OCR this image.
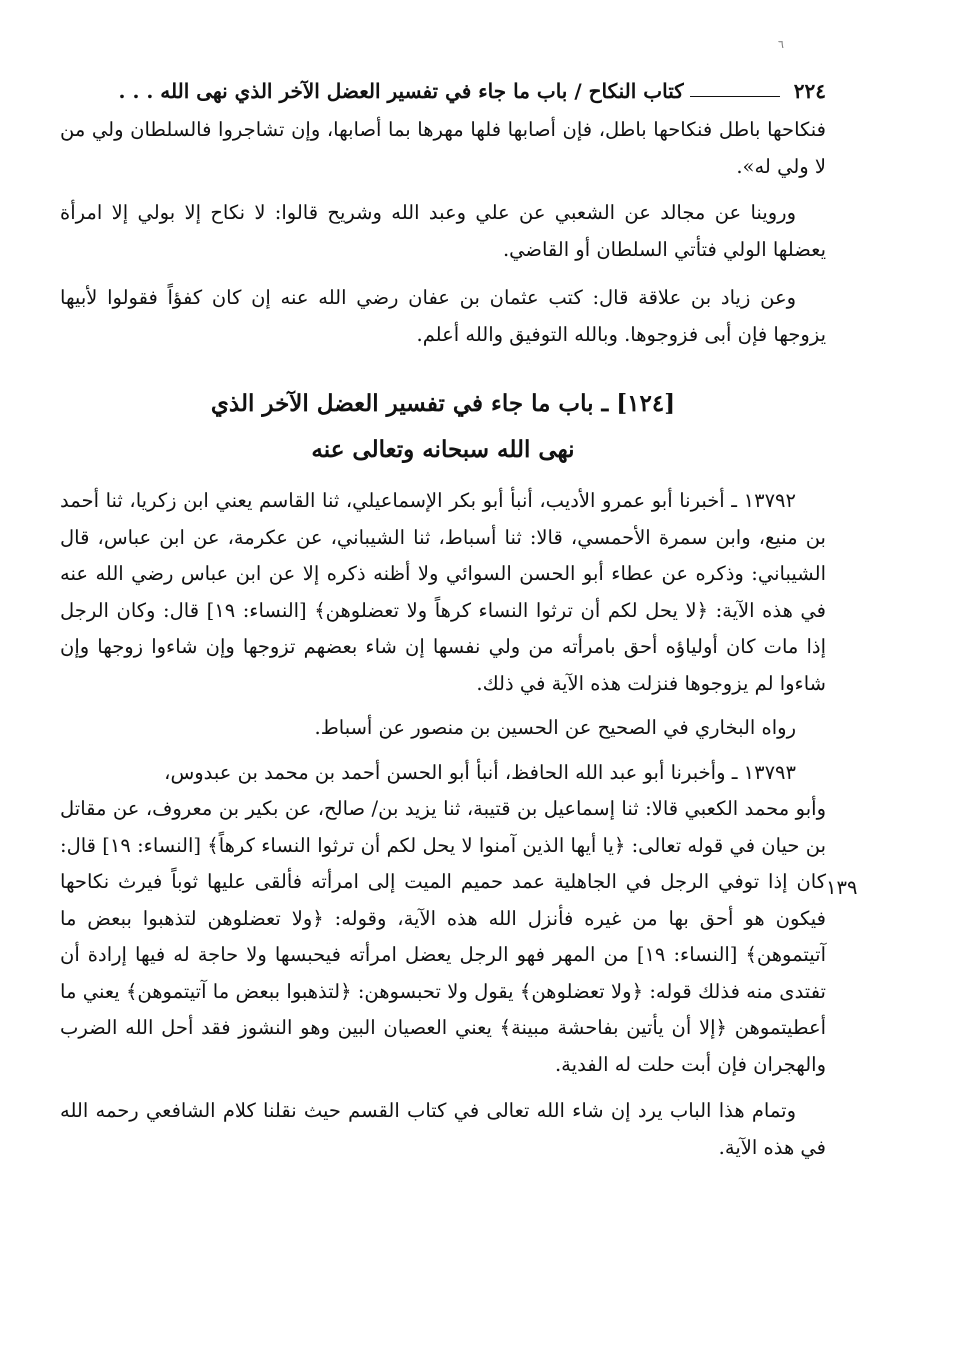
٦
٢٢٤
كتاب النكاح / باب ما جاء في تفسير العضل الآخر الذي نهى الله . . .

فنكاحها باطل فنكاحها باطل، فإن أصابها فلها مهرها بما أصابها، وإن تشاجروا فالسلطان ولي من لا ولي له».

وروينا عن مجالد عن الشعبي عن علي وعبد الله وشريح قالوا: لا نكاح إلا بولي إلا امرأة يعضلها الولي فتأتي السلطان أو القاضي.

وعن زياد بن علاقة قال: كتب عثمان بن عفان رضي الله عنه إن كان كفؤاً فقولوا لأبيها يزوجها فإن أبى فزوجوها. وبالله التوفيق والله أعلم.

[١٢٤] ـ باب ما جاء في تفسير العضل الآخر الذي
نهى الله سبحانه وتعالى عنه

١٣٧٩٢ ـ أخبرنا أبو عمرو الأديب، أنبأ أبو بكر الإسماعيلي، ثنا القاسم يعني ابن زكريا، ثنا أحمد بن منيع، وابن سمرة الأحمسي، قالا: ثنا أسباط، ثنا الشيباني، عن عكرمة، عن ابن عباس، قال الشيباني: وذكره عن عطاء أبو الحسن السوائي ولا أظنه ذكره إلا عن ابن عباس رضي الله عنه في هذه الآية: ﴿لا يحل لكم أن ترثوا النساء كرهاً ولا تعضلوهن﴾ [النساء: ١٩] قال: وكان الرجل إذا مات كان أولياؤه أحق بامرأته من ولي نفسها إن شاء بعضهم تزوجها وإن شاءوا زوجها وإن شاءوا لم يزوجوها فنزلت هذه الآية في ذلك.

رواه البخاري في الصحيح عن الحسين بن منصور عن أسباط.

١٣٧٩٣ ـ وأخبرنا أبو عبد الله الحافظ، أنبأ أبو الحسن أحمد بن محمد بن عبدوس،

وأبو محمد الكعبي قالا: ثنا إسماعيل بن قتيبة، ثنا يزيد بن/ صالح، عن بكير بن معروف، عن مقاتل بن حيان في قوله تعالى: ﴿يا أيها الذين آمنوا لا يحل لكم أن ترثوا النساء كرهاً﴾ [النساء: ١٩] قال: كان إذا توفي الرجل في الجاهلية عمد حميم الميت إلى امرأته فألقى عليها ثوباً فيرث نكاحها فيكون هو أحق بها من غيره فأنزل الله هذه الآية، وقوله: ﴿ولا تعضلوهن لتذهبوا ببعض ما آتيتموهن﴾ [النساء: ١٩] من المهر فهو الرجل يعضل امرأته فيحبسها ولا حاجة له فيها إرادة أن تفتدى منه فذلك قوله: ﴿ولا تعضلوهن﴾ يقول ولا تحبسوهن: ﴿لتذهبوا ببعض ما آتيتموهن﴾ يعني ما أعطيتموهن ﴿إلا أن يأتين بفاحشة مبينة﴾ يعني العصيان البين وهو النشوز فقد أحل الله الضرب والهجران فإن أبت حلت له الفدية.

وتمام هذا الباب يرد إن شاء الله تعالى في كتاب القسم حيث نقلنا كلام الشافعي رحمه الله في هذه الآية.

١٣٩
